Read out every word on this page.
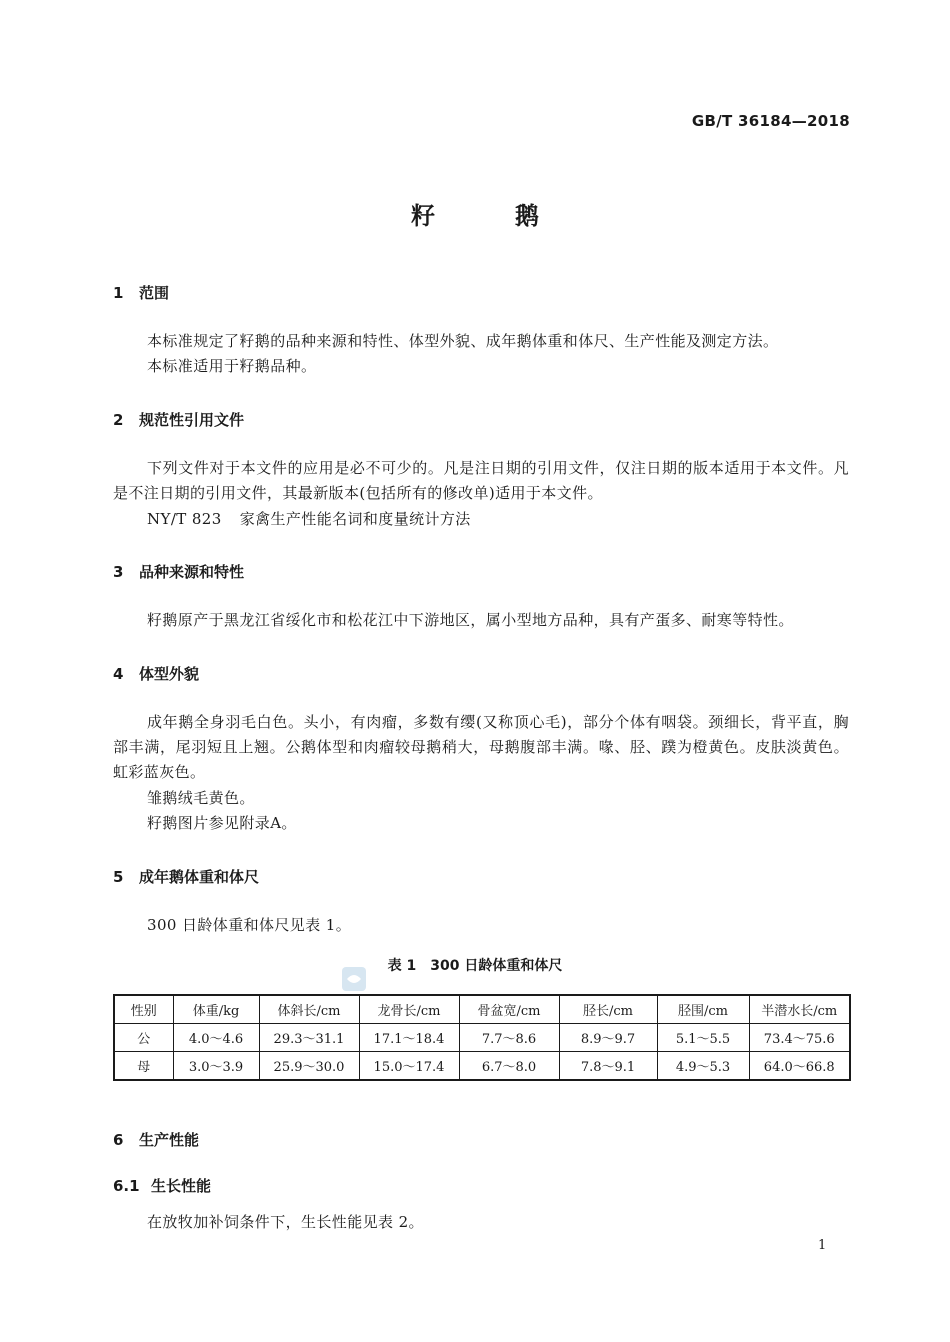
GB/T 36184—2018
籽鹅
1 范围

本标准规定了籽鹅的品种来源和特性、体型外貌、成年鹅体重和体尺、生产性能及测定方法。

本标准适用于籽鹅品种。

2 规范性引用文件

下列文件对于本文件的应用是必不可少的。凡是注日期的引用文件，仅注日期的版本适用于本文件。凡是不注日期的引用文件，其最新版本(包括所有的修改单)适用于本文件。

NY/T 823 家禽生产性能名词和度量统计方法
3 品种来源和特性

籽鹅原产于黑龙江省绥化市和松花江中下游地区，属小型地方品种，具有产蛋多、耐寒等特性。

4 体型外貌

成年鹅全身羽毛白色。头小，有肉瘤，多数有缨(又称顶心毛)，部分个体有咽袋。颈细长，背平直，胸部丰满，尾羽短且上翘。公鹅体型和肉瘤较母鹅稍大，母鹅腹部丰满。喙、胫、蹼为橙黄色。皮肤淡黄色。虹彩蓝灰色。

雏鹅绒毛黄色。

籽鹅图片参见附录A。

5 成年鹅体重和体尺

300 日龄体重和体尺见表 1。

表 1 300 日龄体重和体尺
性别	体重/kg	体斜长/cm	龙骨长/cm	骨盆宽/cm	胫长/cm	胫围/cm	半潜水长/cm
公	4.0～4.6	29.3～31.1	17.1～18.4	7.7～8.6	8.9～9.7	5.1～5.5	73.4～75.6
母	3.0～3.9	25.9～30.0	15.0～17.4	6.7～8.0	7.8～9.1	4.9～5.3	64.0～66.8
6 生产性能
6.1 生长性能

在放牧加补饲条件下，生长性能见表 2。

1
